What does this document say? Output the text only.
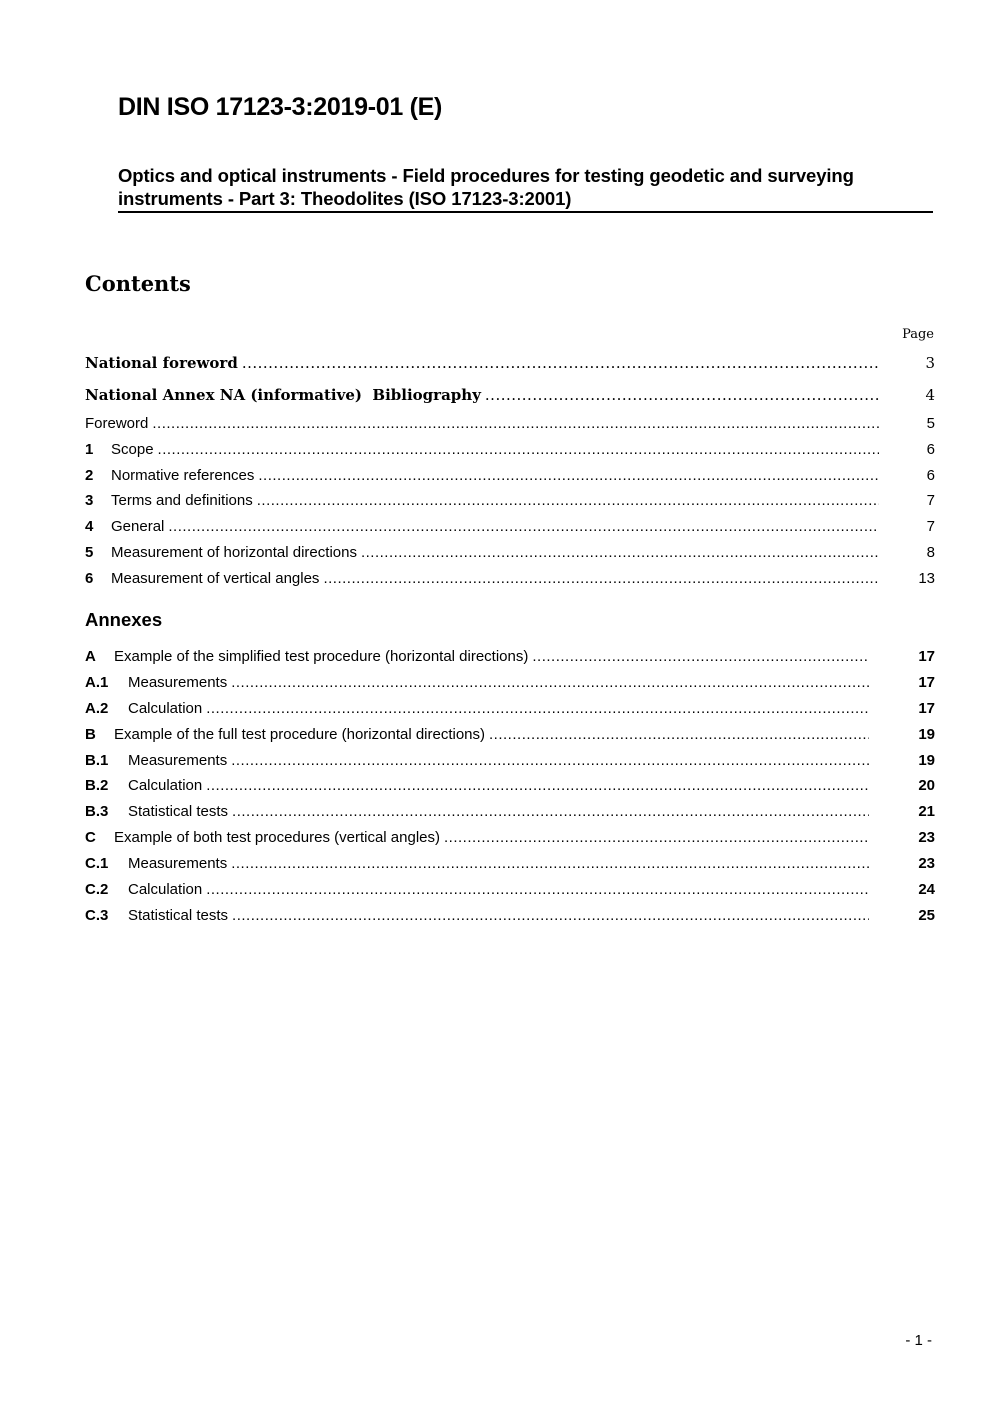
DIN ISO 17123-3:2019-01 (E)
Optics and optical instruments - Field procedures for testing geodetic and surveying
instruments - Part 3: Theodolites (ISO 17123-3:2001)
Contents
Page
National foreword .....	3
National Annex NA (informative)  Bibliography .....	4
Foreword .....	5
1	Scope .....	6
2	Normative references .....	6
3	Terms and definitions .....	7
4	General .....	7
5	Measurement of horizontal directions .....	8
6	Measurement of vertical angles .....	13
A	Example of the simplified test procedure (horizontal directions) .....	17
A.1	Measurements .....	17
A.2	Calculation .....	17
B	Example of the full test procedure (horizontal directions) .....	19
B.1	Measurements .....	19
B.2	Calculation .....	20
B.3	Statistical tests .....	21
C	Example of both test procedures (vertical angles) .....	23
C.1	Measurements .....	23
C.2	Calculation .....	24
C.3	Statistical tests .....	25
Annexes
- 1 -
